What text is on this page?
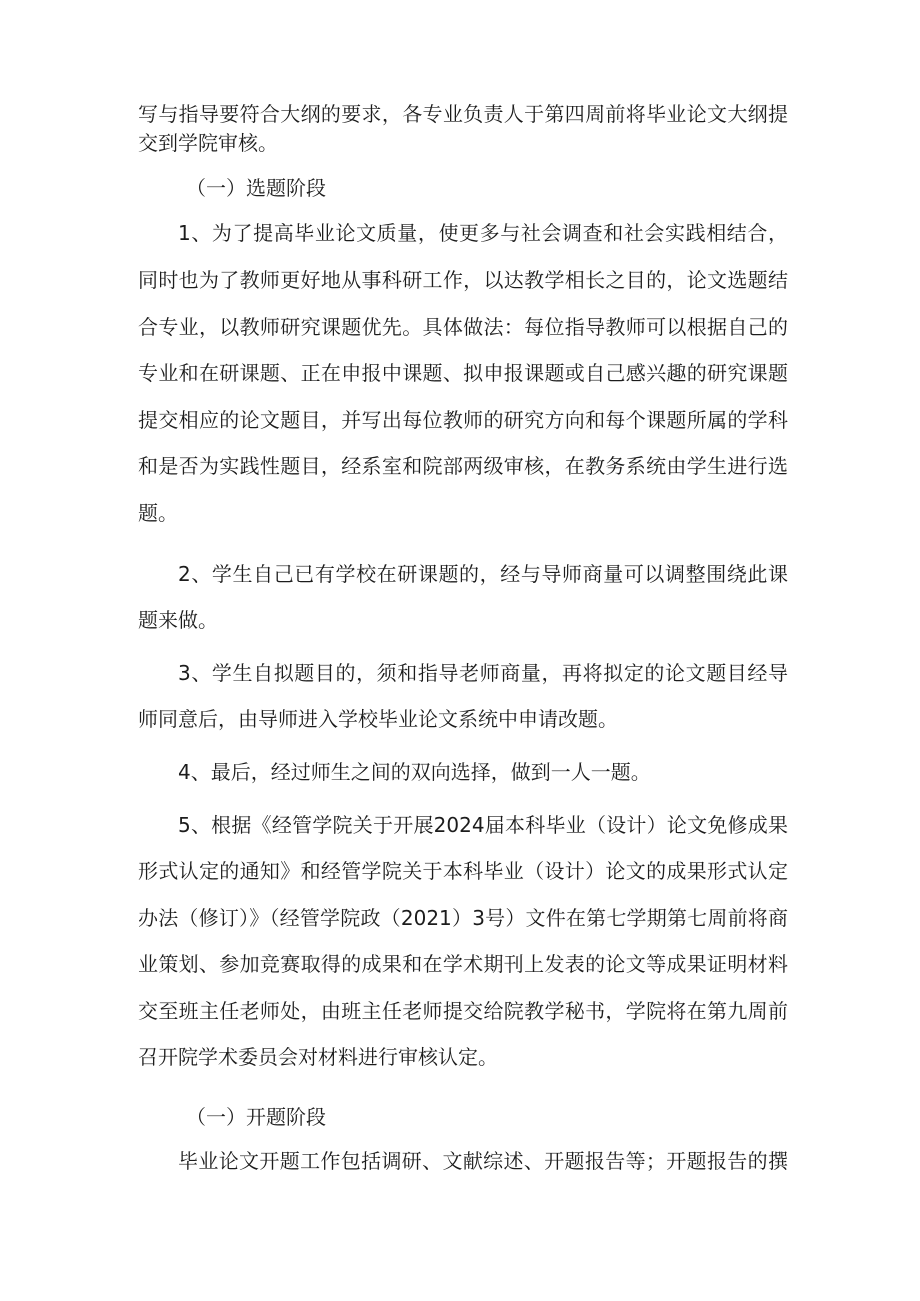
写与指导要符合大纲的要求，各专业负责人于第四周前将毕业论文大纲提

交到学院审核。

（一）选题阶段

1、为了提高毕业论文质量，使更多与社会调查和社会实践相结合，

同时也为了教师更好地从事科研工作，以达教学相长之目的，论文选题结

合专业，以教师研究课题优先。具体做法：每位指导教师可以根据自己的

专业和在研课题、正在申报中课题、拟申报课题或自己感兴趣的研究课题

提交相应的论文题目，并写出每位教师的研究方向和每个课题所属的学科

和是否为实践性题目，经系室和院部两级审核，在教务系统由学生进行选

题。

2、学生自己已有学校在研课题的，经与导师商量可以调整围绕此课

题来做。

3、学生自拟题目的，须和指导老师商量，再将拟定的论文题目经导

师同意后，由导师进入学校毕业论文系统中申请改题。

4、最后，经过师生之间的双向选择，做到一人一题。

5、根据《经管学院关于开展2024届本科毕业（设计）论文免修成果

形式认定的通知》和经管学院关于本科毕业（设计）论文的成果形式认定

办法（修订）》（经管学院政（2021）3号）文件在第七学期第七周前将商

业策划、参加竞赛取得的成果和在学术期刊上发表的论文等成果证明材料

交至班主任老师处，由班主任老师提交给院教学秘书，学院将在第九周前

召开院学术委员会对材料进行审核认定。

（一）开题阶段

毕业论文开题工作包括调研、文献综述、开题报告等；开题报告的撰
